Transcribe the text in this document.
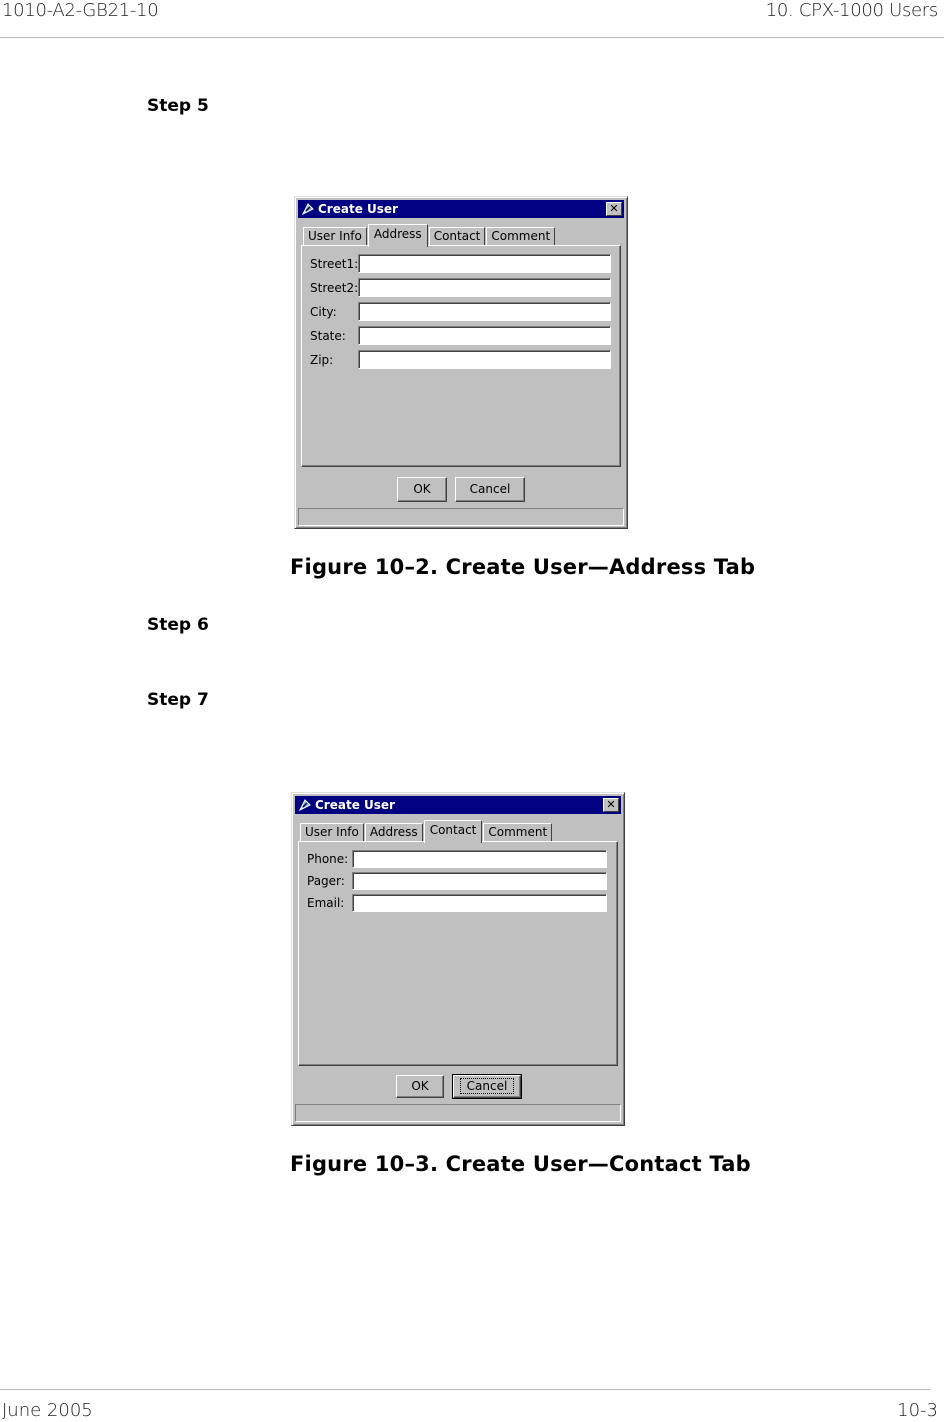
1010-A2-GB21-10	10. CPX-1000 Users
Step 5
Create User	✕
User Info	Address	Contact Comment
Street1:
Street2:
City:
State:
Zip:
OK	Cancel
Figure 10–2. Create User—Address Tab
Step 6
Step 7
Create User	✕
User Info Address	Contact	Comment
Phone:
Pager:
Email:
OK	Cancel
Figure 10–3. Create User—Contact Tab
June 2005	10-3
